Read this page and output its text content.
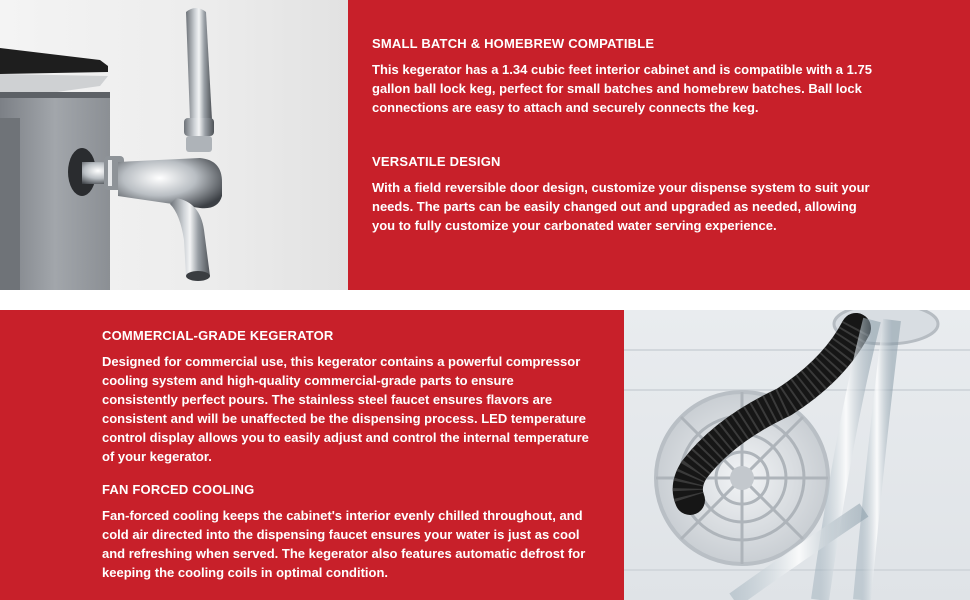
SMALL BATCH & HOMEBREW COMPATIBLE

This kegerator has a 1.34 cubic feet interior cabinet and is compatible with a 1.75 gallon ball lock keg, perfect for small batches and homebrew batches. Ball lock connections are easy to attach and securely connects the keg.

VERSATILE DESIGN

With a field reversible door design, customize your dispense system to suit your needs. The parts can be easily changed out and upgraded as needed, allowing you to fully customize your carbonated water serving experience.

COMMERCIAL-GRADE KEGERATOR

Designed for commercial use, this kegerator contains a powerful compressor cooling system and high-quality commercial-grade parts to ensure consistently perfect pours. The stainless steel faucet ensures flavors are consistent and will be unaffected be the dispensing process. LED temperature control display allows you to easily adjust and control the internal temperature of your kegerator.

FAN FORCED COOLING

Fan-forced cooling keeps the cabinet's interior evenly chilled throughout, and cold air directed into the dispensing faucet ensures your water is just as cool and refreshing when served. The kegerator also features automatic defrost for keeping the cooling coils in optimal condition.
